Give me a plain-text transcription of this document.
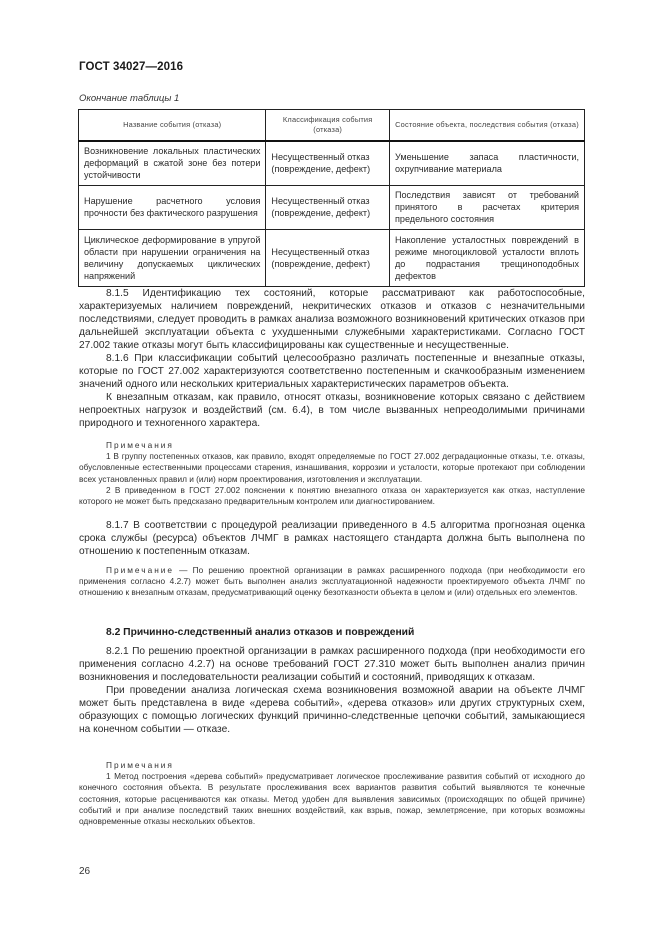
ГОСТ 34027—2016
Окончание таблицы 1
Название события (отказа)	Классификация события (отказа)	Состояние объекта, последствия события (отказа)
Возникновение локальных пластических деформаций в сжатой зоне без потери устойчивости	Несущественный отказ (повреждение, дефект)	Уменьшение запаса пластичности, охрупчивание материала
Нарушение расчетного условия прочности без фактического разрушения	Несущественный отказ (повреждение, дефект)	Последствия зависят от требований принятого в расчетах критерия предельного состояния
Циклическое деформирование в упругой области при нарушении ограничения на величину допускаемых циклических напряжений	Несущественный отказ (повреждение, дефект)	Накопление усталостных повреждений в режиме многоцикловой усталости вплоть до подрастания трещиноподобных дефектов

8.1.5 Идентификацию тех состояний, которые рассматривают как работоспособные, характеризуемых наличием повреждений, некритических отказов и отказов с незначительными последствиями, следует проводить в рамках анализа возможного возникновений критических отказов при дальнейшей эксплуатации объекта с ухудшенными служебными характеристиками. Согласно ГОСТ 27.002 такие отказы могут быть классифицированы как существенные и несущественные.

8.1.6 При классификации событий целесообразно различать постепенные и внезапные отказы, которые по ГОСТ 27.002 характеризуются соответственно постепенным и скачкообразным изменением значений одного или нескольких критериальных характеристических параметров объекта.

К внезапным отказам, как правило, относят отказы, возникновение которых связано с действием непроектных нагрузок и воздействий (см. 6.4), в том числе вызванных непреодолимыми причинами природного и техногенного характера.

Примечания

1 В группу постепенных отказов, как правило, входят определяемые по ГОСТ 27.002 деградационные отказы, т.е. отказы, обусловленные естественными процессами старения, изнашивания, коррозии и усталости, которые протекают при соблюдении всех установленных правил и (или) норм проектирования, изготовления и эксплуатации.

2 В приведенном в ГОСТ 27.002 пояснении к понятию внезапного отказа он характеризуется как отказ, наступление которого не может быть предсказано предварительным контролем или диагностированием.

8.1.7 В соответствии с процедурой реализации приведенного в 4.5 алгоритма прогнозная оценка срока службы (ресурса) объектов ЛЧМГ в рамках настоящего стандарта должна быть выполнена по отношению к постепенным отказам.

Примечание — По решению проектной организации в рамках расширенного подхода (при необходимости его применения согласно 4.2.7) может быть выполнен анализ эксплуатационной надежности проектируемого объекта ЛЧМГ по отношению к внезапным отказам, предусматривающий оценку безотказности объекта в целом и (или) отдельных его элементов.

8.2 Причинно-следственный анализ отказов и повреждений

8.2.1 По решению проектной организации в рамках расширенного подхода (при необходимости его применения согласно 4.2.7) на основе требований ГОСТ 27.310 может быть выполнен анализ причин возникновения и последовательности реализации событий и состояний, приводящих к отказам.

При проведении анализа логическая схема возникновения возможной аварии на объекте ЛЧМГ может быть представлена в виде «дерева событий», «дерева отказов» или других структурных схем, образующих с помощью логических функций причинно-следственные цепочки событий, замыкающиеся на конечном событии — отказе.

Примечания

1 Метод построения «дерева событий» предусматривает логическое прослеживание развития событий от исходного до конечного состояния объекта. В результате прослеживания всех вариантов развития событий выявляются те конечные состояния, которые расцениваются как отказы. Метод удобен для выявления зависимых (происходящих по общей причине) событий и при анализе последствий таких внешних воздействий, как взрыв, пожар, землетрясение, при которых возможны одновременные отказы нескольких объектов.

26
